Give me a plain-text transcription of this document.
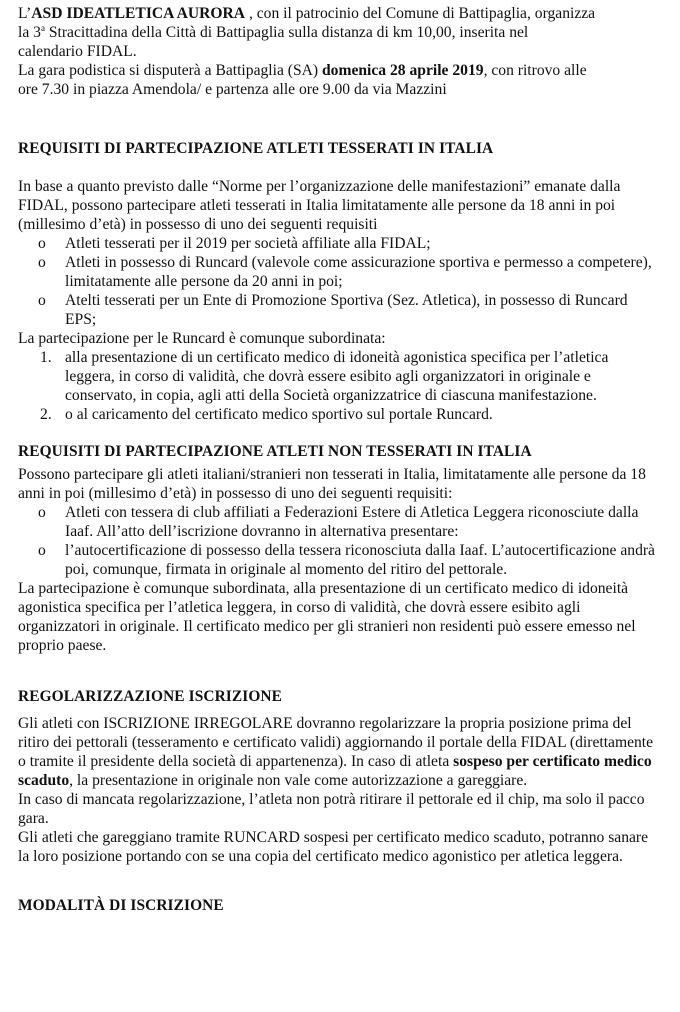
L’ASD IDEATLETICA AURORA , con il patrocinio del Comune di Battipaglia, organizza

la 3$^a$ Stracittadina della Città di Battipaglia sulla distanza di km 10,00, inserita nel

calendario FIDAL.

La gara podistica si disputerà a Battipaglia (SA) domenica 28 aprile 2019, con ritrovo alle

ore 7.30 in piazza Amendola/ e partenza alle ore 9.00 da via Mazzini

REQUISITI DI PARTECIPAZIONE ATLETI TESSERATI IN ITALIA

In base a quanto previsto dalle “Norme per l’organizzazione delle manifestazioni” emanate dalla FIDAL, possono partecipare atleti tesserati in Italia limitatamente alle persone da 18 anni in poi (millesimo d’età) in possesso di uno dei seguenti requisiti

o Atleti tesserati per il 2019 per società affiliate alla FIDAL;
o Atleti in possesso di Runcard (valevole come assicurazione sportiva e permesso a competere), limitatamente alle persone da 20 anni in poi;
o Atelti tesserati per un Ente di Promozione Sportiva (Sez. Atletica), in possesso di Runcard EPS;

La partecipazione per le Runcard è comunque subordinata:

1. alla presentazione di un certificato medico di idoneità agonistica specifica per l’atletica leggera, in corso di validità, che dovrà essere esibito agli organizzatori in originale e conservato, in copia, agli atti della Società organizzatrice di ciascuna manifestazione.
2. o al caricamento del certificato medico sportivo sul portale Runcard.
REQUISITI DI PARTECIPAZIONE ATLETI NON TESSERATI IN ITALIA

Possono partecipare gli atleti italiani/stranieri non tesserati in Italia, limitatamente alle persone da 18 anni in poi (millesimo d’età) in possesso di uno dei seguenti requisiti:

o Atleti con tessera di club affiliati a Federazioni Estere di Atletica Leggera riconosciute dalla Iaaf. All’atto dell’iscrizione dovranno in alternativa presentare:
o l’autocertificazione di possesso della tessera riconosciuta dalla Iaaf. L’autocertificazione andrà poi, comunque, firmata in originale al momento del ritiro del pettorale.

La partecipazione è comunque subordinata, alla presentazione di un certificato medico di idoneità agonistica specifica per l’atletica leggera, in corso di validità, che dovrà essere esibito agli organizzatori in originale. Il certificato medico per gli stranieri non residenti può essere emesso nel proprio paese.

REGOLARIZZAZIONE ISCRIZIONE

Gli atleti con ISCRIZIONE IRREGOLARE dovranno regolarizzare la propria posizione prima del ritiro dei pettorali (tesseramento e certificato validi) aggiornando il portale della FIDAL (direttamente o tramite il presidente della società di appartenenza). In caso di atleta sospeso per certificato medico scaduto, la presentazione in originale non vale come autorizzazione a gareggiare.

In caso di mancata regolarizzazione, l’atleta non potrà ritirare il pettorale ed il chip, ma solo il pacco gara.

Gli atleti che gareggiano tramite RUNCARD sospesi per certificato medico scaduto, potranno sanare la loro posizione portando con se una copia del certificato medico agonistico per atletica leggera.

MODALITÀ DI ISCRIZIONE
